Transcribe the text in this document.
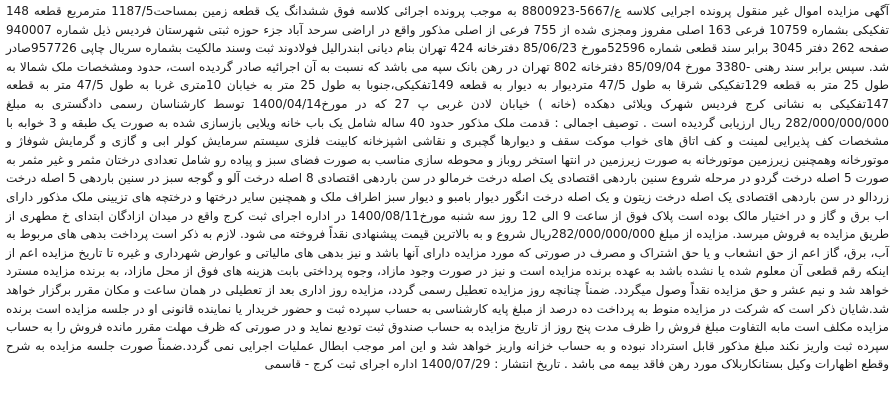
آگهی مزایده اموال غیر منقول پرونده اجرایی کلاسه ع/5667-8800923 به موجب پرونده اجرائی کلاسه فوق ششدانگ یک قطعه زمین بمساحت1187/5 مترمربع قطعه 148 تفکیکی بشماره 10759 فرعی 163 اصلی مفروز ومجزی شده از 755 فرعی از اصلی مذکور واقع در اراضی سرحد آباد جزء حوزه ثبتی شهرستان فردیس ذیل شماره 940007 صفحه 262 دفتر 3045 برابر سند قطعی شماره 52596مورخ 85/06/23 دفترخانه 424 تهران بنام دیانی ابندرالیل فولادوند ثبت وسند مالکیت بشماره سریال چاپی 957726صادر شد. سپس برابر سند رهنی -3380 مورخ 85/09/04 دفترخانه 802 تهران در رهن بانک سپه می باشد که نسبت به آن اجرائیه صادر گردیده است، حدود ومشخصات ملک شمالا به طول 25 متر به قطعه 129تفکیکی شرقا به طول 47/5 متردیوار به دیوار به قطعه 149تفکیکی،جنوبا به طول 25 متر به خیابان 10متری غربا به طول 47/5 متر به قطعه 147تفکیکی به نشانی کرج فردیس شهرک ویلائی دهکده (خانه ) خیابان لادن غربی پ 27 که در مورخ1400/04/14 توسط کارشناسان رسمی دادگستری به مبلغ 282/000/000/000 ریال ارزیابی گردیده است . توصیف اجمالی : قدمت ملک مذکور حدود 40 ساله شامل یک باب خانه ویلایی بازسازی شده به صورت یک طبقه و 3 خوابه با مشخصات کف پذیرایی لمینت و کف اتاق های خواب موکت سقف و دیوارها گچبری و نقاشی اشپزخانه کابینت فلزی سیستم سرمایش کولر ابی و گازی و گرمایش شوفاژ و موتورخانه وهمچنین زیرزمین موتورخانه به صورت زیرزمین در انتها استخر روباز و محوطه سازی مناسب به صورت فضای سبز و پیاده رو شامل تعدادی درختان مثمر و غیر مثمر به صورت 5 اصله درخت گردو در مرحله شروع سنین باردهی اقتصادی یک اصله درخت خرمالو در سن باردهی اقتصادی 8 اصله درخت آلو و گوجه سبز در سنین باردهی 5 اصله درخت زردالو در سن باردهی اقتصادی یک اصله درخت زیتون و یک اصله درخت انگور دیوار بامبو و دیوار سبز اطراف ملک و همچنین سایر درختها و درختچه های تزیینی ملک مذکور دارای اب برق و گاز و در اختیار مالک بوده است پلاک فوق از ساعت 9 الی 12 روز سه شنبه مورخ1400/08/11 در اداره اجرای ثبت کرج واقع در میدان ازادگان ابتدای خ مطهری از طریق مزایده به فروش میرسد. مزایده از مبلغ 282/000/000/000ریال شروع و به بالاترین قیمت پیشنهادی نقداً فروخته می شود. لازم به ذکر است پرداخت بدهی های مربوط به آب، برق، گاز اعم از حق انشعاب و یا حق اشتراک و مصرف در صورتی که مورد مزایده دارای آنها باشد و نیز بدهی های مالیاتی و عوارض شهرداری و غیره تا تاریخ مزایده اعم از اینکه رقم قطعی آن معلوم شده یا نشده باشد به عهده برنده مزایده است و نیز در صورت وجود مازاد، وجوه پرداختی بابت هزینه های فوق از محل مازاد، به برنده مزایده مسترد خواهد شد و نیم عشر و حق مزایده نقداً وصول میگردد. ضمناً چنانچه روز مزایده تعطیل رسمی گردد، مزایده روز اداری بعد از تعطیلی در همان ساعت و مکان مقرر برگزار خواهد شد.شایان ذکر است که شرکت در مزایده منوط به پرداخت ده درصد از مبلغ پایه کارشناسی به حساب سپرده ثبت و حضور خریدار یا نماینده قانونی او در جلسه مزایده است برنده مزایده مکلف است مابه التفاوت مبلغ فروش را ظرف مدت پنج روز از تاریخ مزایده به حساب صندوق ثبت تودیع نماید و در صورتی که ظرف مهلت مقرر مانده فروش را به حساب سپرده ثبت واریز نکند مبلغ مذکور قابل استرداد نبوده و به حساب خزانه واریز خواهد شد و این امر موجب ابطال عملیات اجرایی نمی گردد.ضمناً صورت جلسه مزایده به شرح وقطع اظهارات وکیل بستانکاربلاک مورد رهن فاقد بیمه می باشد . تاریخ انتشار : 1400/07/29 اداره اجرای ثبت کرج - قاسمی
